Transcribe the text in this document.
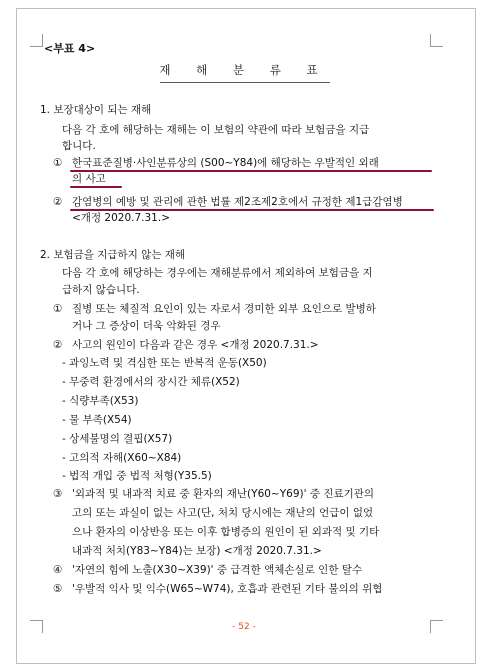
<부표 4>
재 해 분 류 표
1. 보장대상이 되는 재해
다음 각 호에 해당하는 재해는 이 보험의 약관에 따라 보험금을 지급
합니다.
① 한국표준질병·사인분류상의 (S00~Y84)에 해당하는 우발적인 외래
의 사고
② 감염병의 예방 및 관리에 관한 법률 제2조제2호에서 규정한 제1급감염병
<개정 2020.7.31.>
2. 보험금을 지급하지 않는 재해
다음 각 호에 해당하는 경우에는 재해분류에서 제외하여 보험금을 지
급하지 않습니다.
① 질병 또는 체질적 요인이 있는 자로서 경미한 외부 요인으로 발병하
거나 그 증상이 더욱 악화된 경우
② 사고의 원인이 다음과 같은 경우 <개정 2020.7.31.>
- 과잉노력 및 격심한 또는 반복적 운동(X50)
- 무중력 환경에서의 장시간 체류(X52)
- 식량부족(X53)
- 물 부족(X54)
- 상세불명의 결핍(X57)
- 고의적 자해(X60~X84)
- 법적 개입 중 법적 처형(Y35.5)
③ '외과적 및 내과적 치료 중 환자의 재난(Y60~Y69)' 중 진료기관의
고의 또는 과실이 없는 사고(단, 처치 당시에는 재난의 언급이 없었
으나 환자의 이상반응 또는 이후 합병증의 원인이 된 외과적 및 기타
내과적 처치(Y83~Y84)는 보장) <개정 2020.7.31.>
④ '자연의 힘에 노출(X30~X39)' 중 급격한 액체손실로 인한 탈수
⑤ '우발적 익사 및 익수(W65~W74), 호흡과 관련된 기타 불의의 위협
- 52 -
